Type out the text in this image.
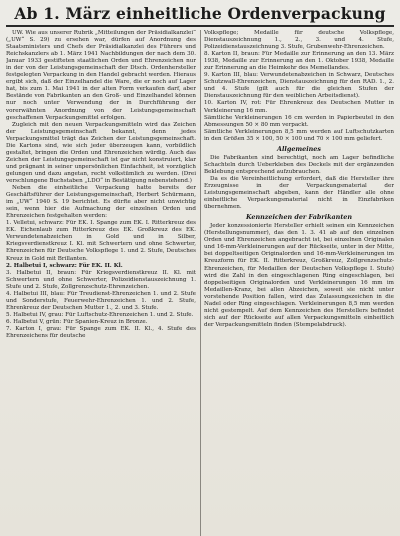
Ab 1. März einheitliche Ordenverpackung

UW. Wie aus unserer Rubrik „Mitteilungen der Präsidialkanzlei“ („UW“ S. 29) zu ersehen war, dürfen auf Anordnung des Staatsministers und Chefs der Präsidialkanzlei des Führers und Reichskanzlers ab 1. März 1941 Nachbildungen der nach dem 30. Januar 1933 gestifteten staatlichen Orden und Ehrenzeichen nur in der von der Leistungsgemeinschaft der Dtsch. Ordenhersteller festgelegten Verpackung in den Handel gebracht werden. Hieraus ergibt sich, daß der Einzelhandel die Ware, die er noch auf Lager hat, bis zum 1. Mai 1941 in der alten Form verkaufen darf, aber Bestände von Fabrikanten an den Groß- und Einzelhandel können nur noch unter Verwendung der in Durchführung der vorerwähnten Anordnung von der Leistungsgemeinschaft geschaffenen Verpackungsmittel erfolgen.

Zugleich mit den neuen Verpackungsmitteln wird das Zeichen der Leistungsgemeinschaft bekannt, denn jedes Verpackungsmittel trägt das Zeichen der Leistungsgemeinschaft. Die Kartons sind, wie sich jeder überzeugen kann, vorbildlich gestaltet, bringen die Orden und Ehrenzeichen würdig. Auch das Zeichen der Leistungsgemeinschaft ist gar nicht konstruiert, klar und prägnant in seiner unpersönlichen Einfachheit, ist vorzüglich gelungen und dazu angetan, recht volkstümlich zu werden. (Drei verschlungene Buchstaben „LDO“ in Bestätigung nebenstehend.)

Neben die einheitliche Verpackung hatte bereits der Geschäftsführer der Leistungsgemeinschaft, Herbert Schürmann, im „UW“ 1940 S. 19 berichtet. Es dürfte aber nicht unwichtig sein, wenn hier die Aufmachung der einzelnen Orden und Ehrenzeichen festgehalten werden:

1. Velletui, schwarz: Für EK. I. Spange zum EK. I. Ritterkreuz des EK. Eichenlaub zum Ritterkreuz des EK. Großkreuz des EK. Verwundetenabzeichen in Gold und in Silber, Kriegsverdienstkreuz I. Kl. mit Schwertern und ohne Schwerter, Ehrenzeichen für Deutsche Volkspflege 1. und 2. Stufe, Deutsches Kreuz in Gold mit Brillanten.

2. Halbetui I, schwarz: Für EK. II. Kl.

3. Halbetui II, braun: Für Kriegsverdienstkreuz II. Kl. mit Schwertern und ohne Schwerter, Polizeidienstauszeichnung 1. Stufe und 2. Stufe, Zollgrenzschutz-Ehrenzeichen.

4. Halbetui III, blau: Für Treudienst-Ehrenzeichen 1. und 2. Stufe und Sonderstufe, Feuerwehr-Ehrenzeichen 1. und 2. Stufe, Ehrenkreuz der Deutschen Mutter 1., 2. und 3. Stufe.

5. Halbetui IV, grau: Für Luftschutz-Ehrenzeichen 1. und 2. Stufe.

6. Halbetui V, grün: Für Spanien-Kreuz in Bronze.

7. Karton I, grau: Für Spange zum EK. II. Kl., 4. Stufe des Ehrenzeichens für deutsche

Volkspflege; Medaille für deutsche Volkspflege, Dienstauszeichnung 1., 2., 3. und 4. Stufe, Polizeidienstauszeichnung 3. Stufe, Grubenwehr-Ehrenzeichen.

8. Karton II, braun: Für Medaille zur Erinnerung an den 13. März 1938, Medaille zur Erinnerung an den 1. Oktober 1938, Medaille zur Erinnerung an die Heimkehr des Memellandes.

9. Karton III, blau: Verwundetenabzeichen in Schwarz, Deutsches Schutzwall-Ehrenzeichen, Dienstauszeichnung für den RAD. 1., 2. und 4. Stufe (gilt auch für die gleichen Stufen der Dienstauszeichnung für den weiblichen Arbeitsdienst).

10. Karton IV, rot: Für Ehrenkreuz des Deutschen Mutter in Verkleinerung 16 mm.

Sämtliche Verkleinerungen 16 cm werden in Papierbeutel in den Abmessungen 50 × 80 mm verpackt.

Sämtliche Verkleinerungen 8,5 mm werden auf Luftschutzkarten in den Größen 35 × 100, 50 × 100 und 70 × 100 mm geliefert.

Allgemeines

Die Fabrikanten sind berechtigt, noch am Lager befindliche Schachteln durch Ueberkleben des Deckels mit der ergänzenden Beklebung entsprechend aufzubrauchen.

Da es die Vereinheitlichung erfordert, daß die Hersteller ihre Erzeugnisse in der Verpackungsmaterial der Leistungsgemeinschaft abgeben, kann der Händler alle ohne einheitliche Verpackungsmaterial nicht in Einzfabriken übernehmen.

Kennzeichen der Fabrikanten

Jeder konzessionierte Hersteller erhielt seinen ein Kennzeichen (Herstellungsnummer), das den 1. 3. 41 ab auf den einzelnen Orden und Ehrenzeichen angebracht ist, bei einzelnen Originalen und 16-mm-Verkleinerungen auf der Rückseite, unter in der Mitte, bei doppeltseitigen Originalorden und 16-mm-Verkleinerungen im Kreuzform für EK. II. Ritterkreuz, Großkreuz, Zollgrenzschutz-Ehrenzeichen, für Medaillen der Deutschen Volkspflege I. Stufe) wird die Zahl in den eingeschlagenen Ring eingeschlagen, bei doppelseitigen Originalorden und Verkleinerungen 16 mm im Medaillen-Kranz, bei allen Abzeichen, soweit sie nicht unter vorstehende Position fallen, wird das Zulassungszeichen in die Nadel oder Ring eingeschlagen. Verkleinerungen 8,5 mm werden nicht gestempelt. Auf dem Kennzeichen des Herstellers befindet sich auf der Rückseite auf allen Verpackungsmitteln einheitlich der Verpackungsmitteln finden (Stempelabdruck).
